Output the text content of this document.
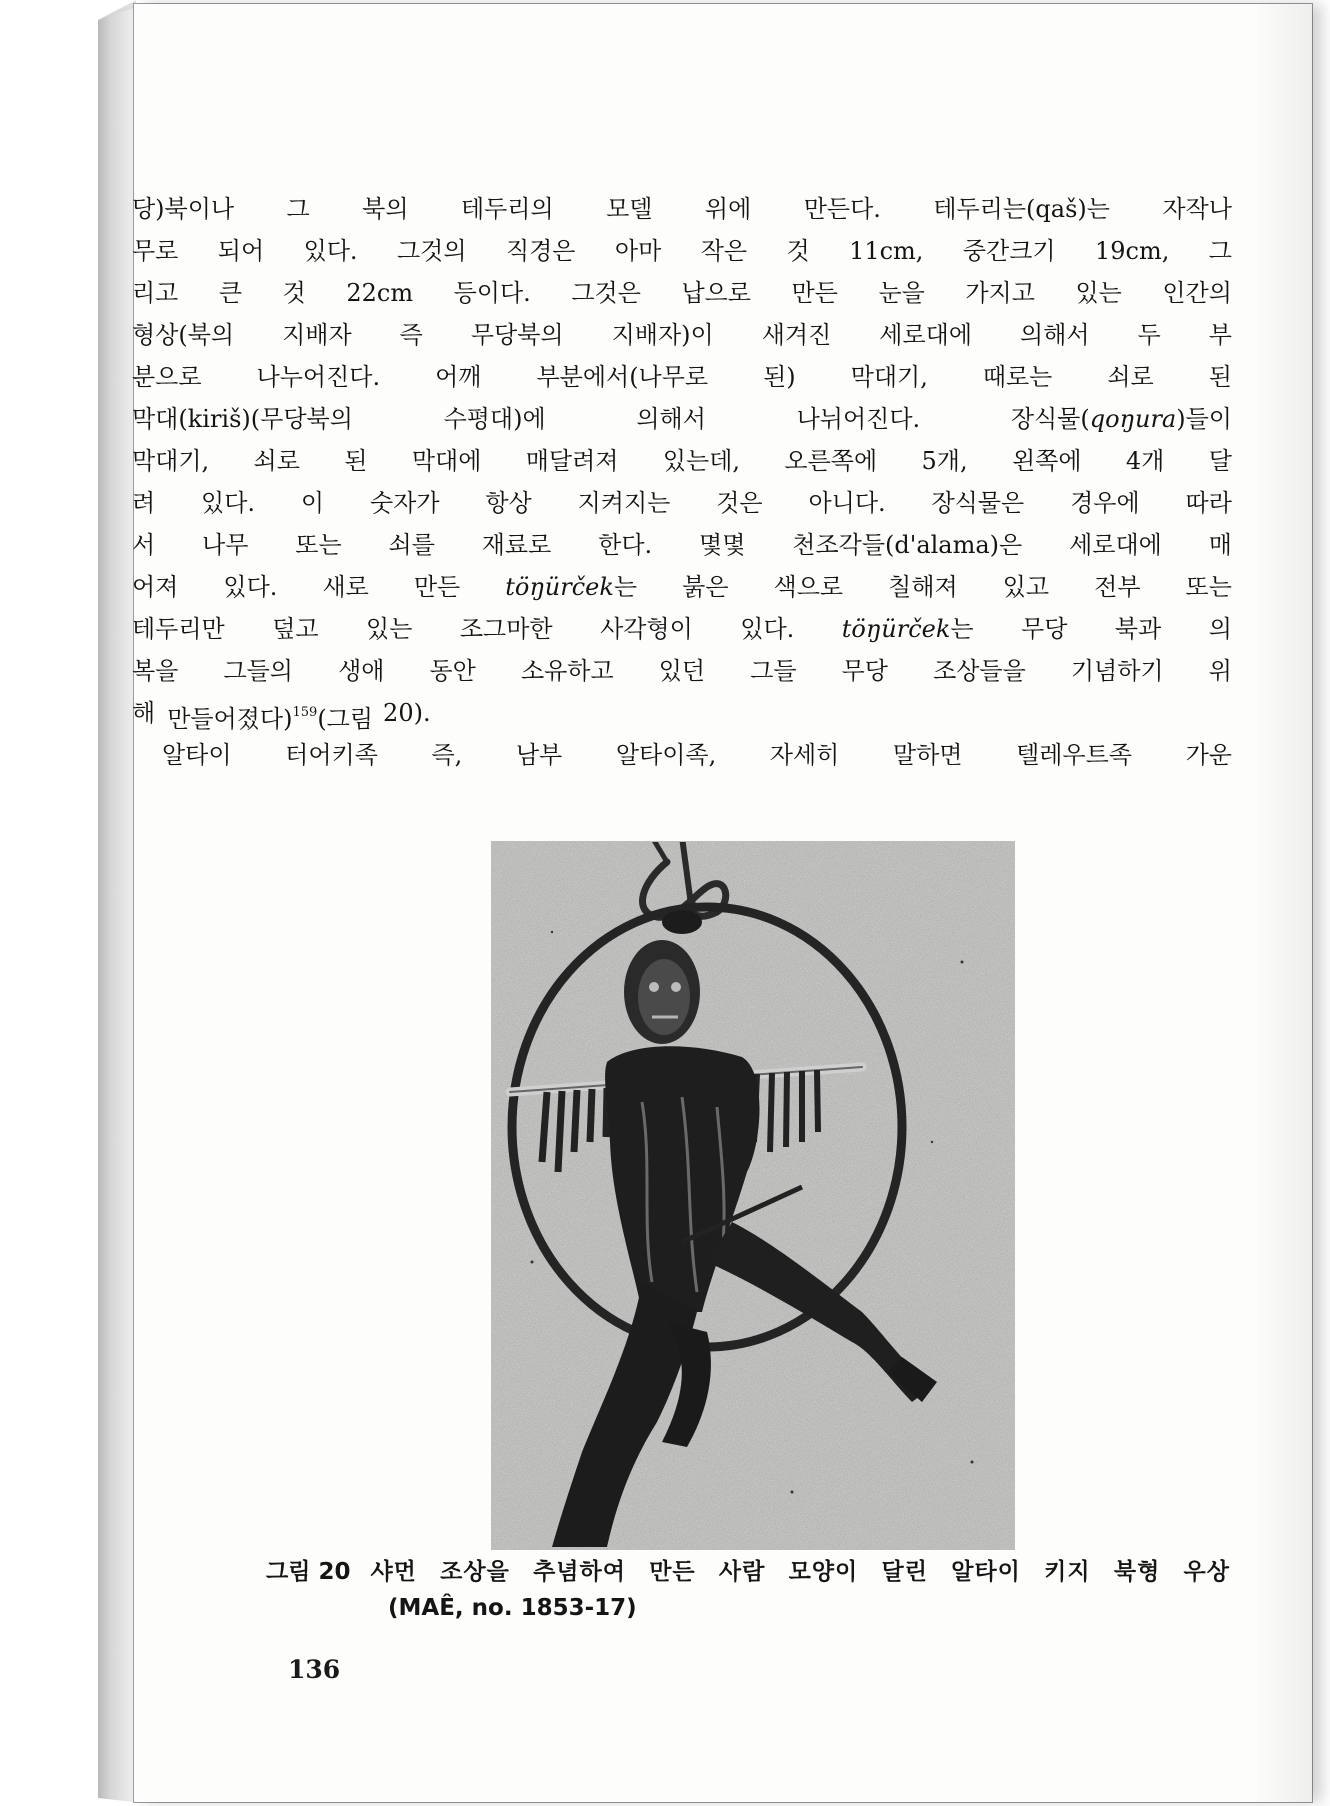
당)북이나 그 북의 테두리의 모델 위에 만든다. 테두리는(qaš)는 자작나
무로 되어 있다. 그것의 직경은 아마 작은 것 11cm, 중간크기 19cm, 그
리고 큰 것 22cm 등이다. 그것은 납으로 만든 눈을 가지고 있는 인간의
형상(북의 지배자 즉 무당북의 지배자)이 새겨진 세로대에 의해서 두 부
분으로 나누어진다. 어깨 부분에서(나무로 된) 막대기, 때로는 쇠로 된
막대(kiriš)(무당북의	수평대)에	의해서	나뉘어진다.	장식물(qoŋura)들이
막대기, 쇠로 된 막대에 매달려져 있는데, 오른쪽에 5개, 왼쪽에 4개 달
려 있다. 이 숫자가 항상 지켜지는 것은 아니다. 장식물은 경우에 따라
서 나무 또는 쇠를 재료로 한다. 몇몇 천조각들(d'alama)은 세로대에 매
어져 있다. 새로 만든 töŋürček는 붉은 색으로 칠해져 있고 전부 또는
테두리만 덮고 있는 조그마한 사각형이 있다. töŋürček는 무당 북과 의
복을 그들의 생애 동안 소유하고 있던 그들 무당 조상들을 기념하기 위
해 만들어졌다)$^{159}$(그림 20).
알타이 터어키족 즉, 남부 알타이족, 자세히 말하면 텔레우트족 가운
그림 20 샤먼 조상을 추념하여 만든 사람 모양이 달린 알타이 키지 북형 우상
(MAÊ, no. 1853-17)
136
